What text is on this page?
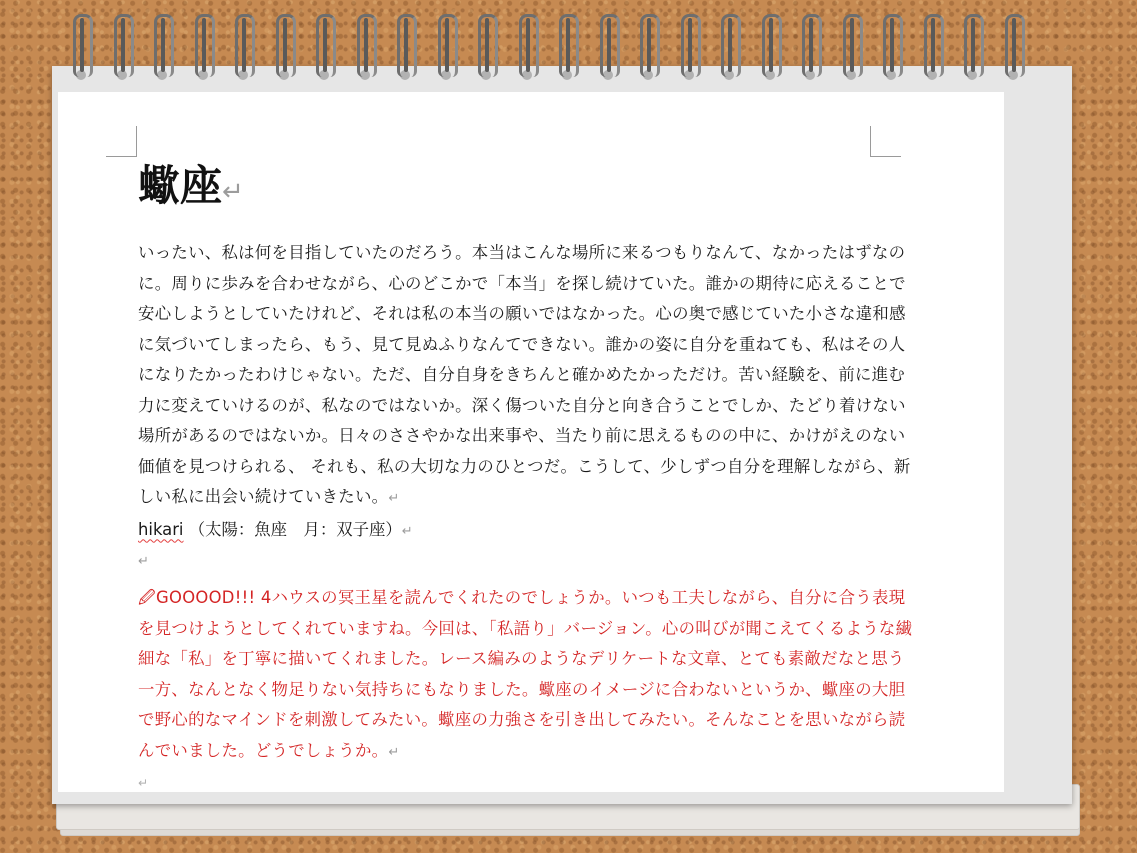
蠍座↵

いったい、私は何を目指していたのだろう。本当はこんな場所に来るつもりなんて、なかったはずなのに。周りに歩みを合わせながら、心のどこかで「本当」を探し続けていた。誰かの期待に応えることで安心しようとしていたけれど、それは私の本当の願いではなかった。心の奥で感じていた小さな違和感に気づいてしまったら、もう、見て見ぬふりなんてできない。誰かの姿に自分を重ねても、私はその人になりたかったわけじゃない。ただ、自分自身をきちんと確かめたかっただけ。苦い経験を、前に進む力に変えていけるのが、私なのではないか。深く傷ついた自分と向き合うことでしか、たどり着けない場所があるのではないか。日々のささやかな出来事や、当たり前に思えるものの中に、かけがえのない価値を見つけられる、 それも、私の大切な力のひとつだ。こうして、少しずつ自分を理解しながら、新しい私に出会い続けていきたい。↵

hikari （太陽：魚座　月：双子座）↵

↵

🖉GOOOOD!!! 4ハウスの冥王星を読んでくれたのでしょうか。いつも工夫しながら、自分に合う表現を見つけようとしてくれていますね。今回は、「私語り」バージョン。心の叫びが聞こえてくるような繊細な「私」を丁寧に描いてくれました。レース編みのようなデリケートな文章、とても素敵だなと思う一方、なんとなく物足りない気持ちにもなりました。蠍座のイメージに合わないというか、蠍座の大胆で野心的なマインドを刺激してみたい。蠍座の力強さを引き出してみたい。そんなことを思いながら読んでいました。どうでしょうか。↵

↵
